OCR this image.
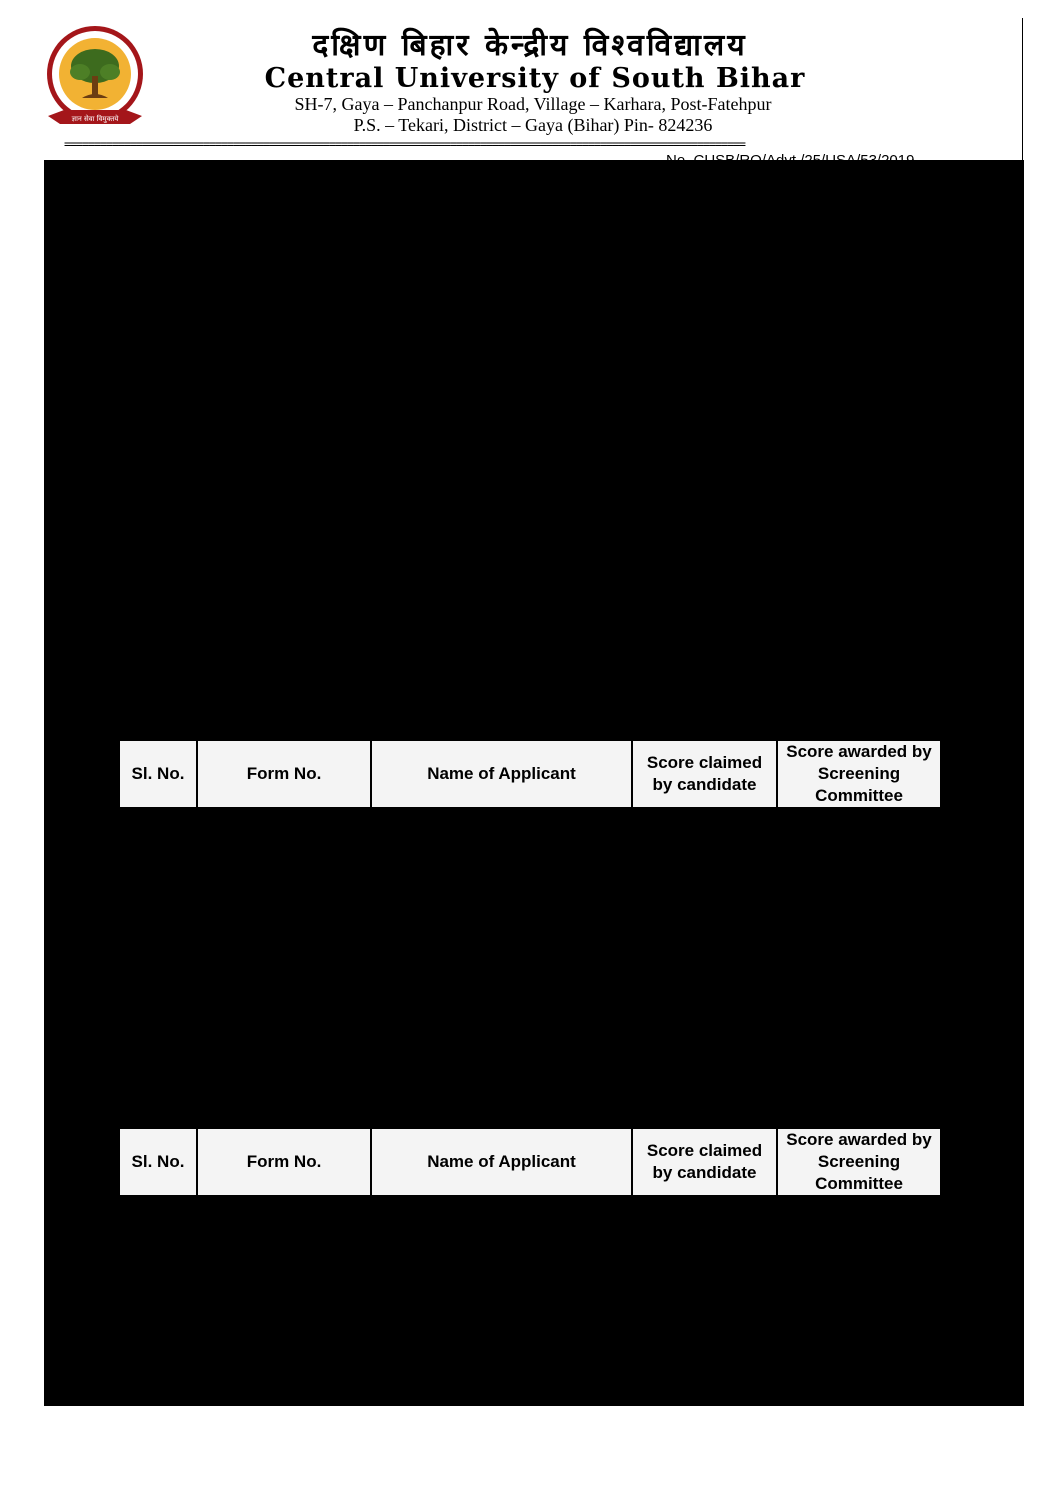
ज्ञान सेवा विमुक्तये
दक्षिण बिहार केन्द्रीय विश्वविद्यालय
Central University of South Bihar
SH-7, Gaya – Panchanpur Road, Village – Karhara, Post-Fatehpur
P.S. – Tekari, District – Gaya (Bihar) Pin- 824236
=================================================================================================================
Sl. No.	Form No.	Name of Applicant	Score claimed by candidate	Score awarded by Screening Committee
Sl. No.	Form No.	Name of Applicant	Score claimed by candidate	Score awarded by Screening Committee
